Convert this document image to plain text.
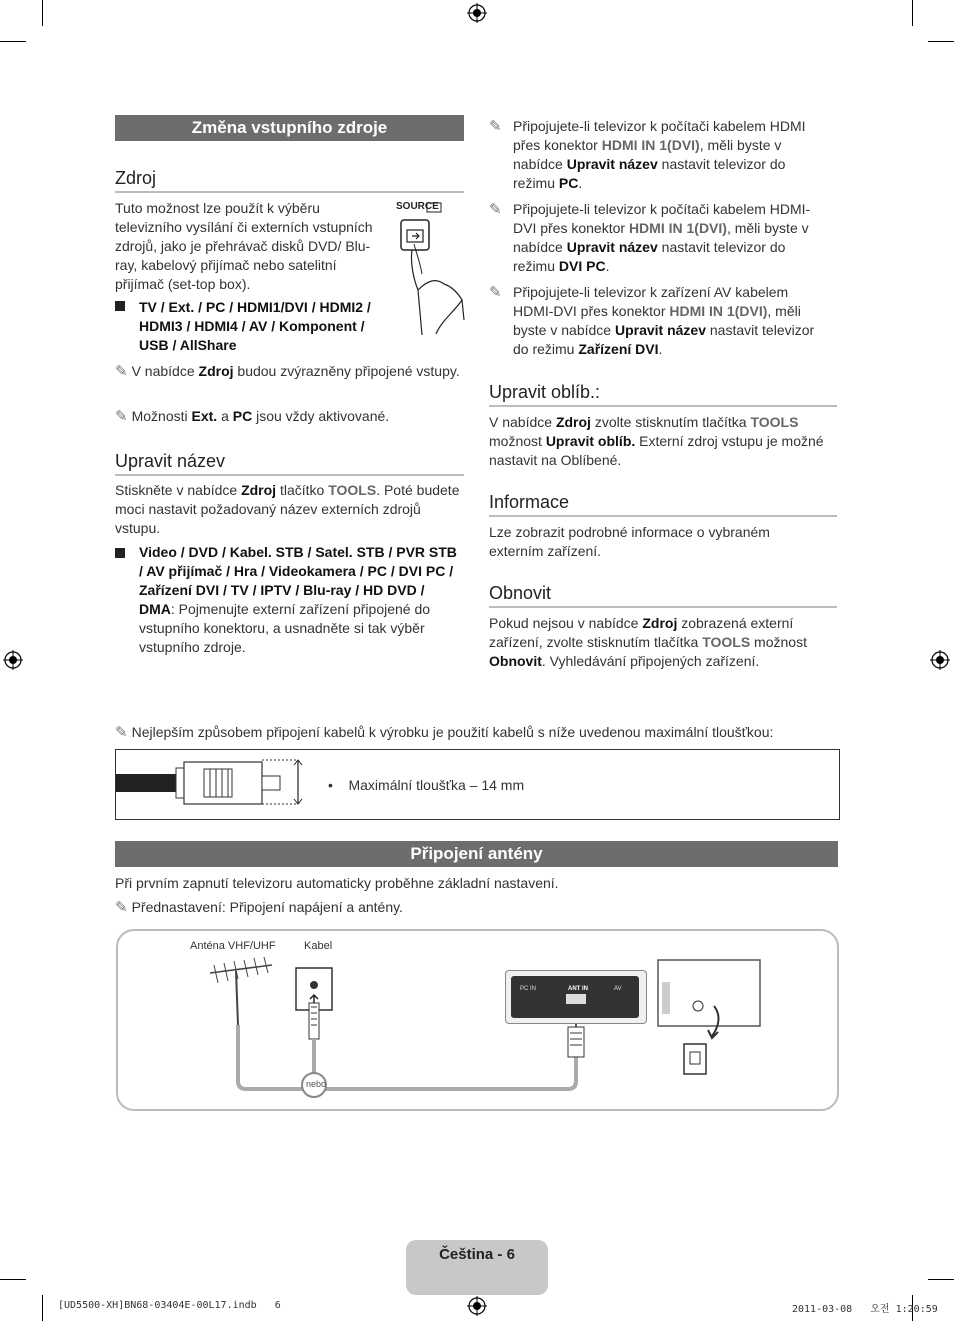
Změna vstupního zdroje
Zdroj
Tuto možnost lze použít k výběru televizního vysílání či externích vstupních zdrojů, jako je přehrávač disků DVD/ Blu-ray, kabelový přijímač nebo satelitní přijímač (set-top box).
SOURCE
TV / Ext. / PC / HDMI1/DVI / HDMI2 / HDMI3 / HDMI4 / AV / Komponent / USB / AllShare
✎ V nabídce Zdroj budou zvýrazněny připojené vstupy.
✎ Možnosti Ext. a PC jsou vždy aktivované.
Upravit název
Stiskněte v nabídce Zdroj tlačítko TOOLS. Poté budete moci nastavit požadovaný název externích zdrojů vstupu.
Video / DVD / Kabel. STB / Satel. STB / PVR STB / AV přijímač / Hra / Videokamera / PC / DVI PC / Zařízení DVI / TV / IPTV / Blu-ray / HD DVD / DMA: Pojmenujte externí zařízení připojené do vstupního konektoru, a usnadněte si tak výběr vstupního zdroje.
✎ Připojujete-li televizor k počítači kabelem HDMI přes konektor HDMI IN 1(DVI), měli byste v nabídce Upravit název nastavit televizor do režimu PC.
✎ Připojujete-li televizor k počítači kabelem HDMI-DVI přes konektor HDMI IN 1(DVI), měli byste v nabídce Upravit název nastavit televizor do režimu DVI PC.
✎ Připojujete-li televizor k zařízení AV kabelem HDMI-DVI přes konektor HDMI IN 1(DVI), měli byste v nabídce Upravit název nastavit televizor do režimu Zařízení DVI.
Upravit oblíb.:
V nabídce Zdroj zvolte stisknutím tlačítka TOOLS možnost Upravit oblíb. Externí zdroj vstupu je možné nastavit na Oblíbené.
Informace
Lze zobrazit podrobné informace o vybraném externím zařízení.
Obnovit
Pokud nejsou v nabídce Zdroj zobrazená externí zařízení, zvolte stisknutím tlačítka TOOLS možnost Obnovit. Vyhledávání připojených zařízení.
✎ Nejlepším způsobem připojení kabelů k výrobku je použití kabelů s níže uvedenou maximální tloušťkou:
•    Maximální tloušťka – 14 mm
Připojení antény
Při prvním zapnutí televizoru automaticky proběhne základní nastavení.
✎ Přednastavení: Připojení napájení a antény.
Anténa VHF/UHF	Kabel
nebo
PC IN	ANT IN	AV
Čeština - 6
[UD5500-XH]BN68-03404E-00L17.indb   6	2011-03-08   오전 1:20:59
